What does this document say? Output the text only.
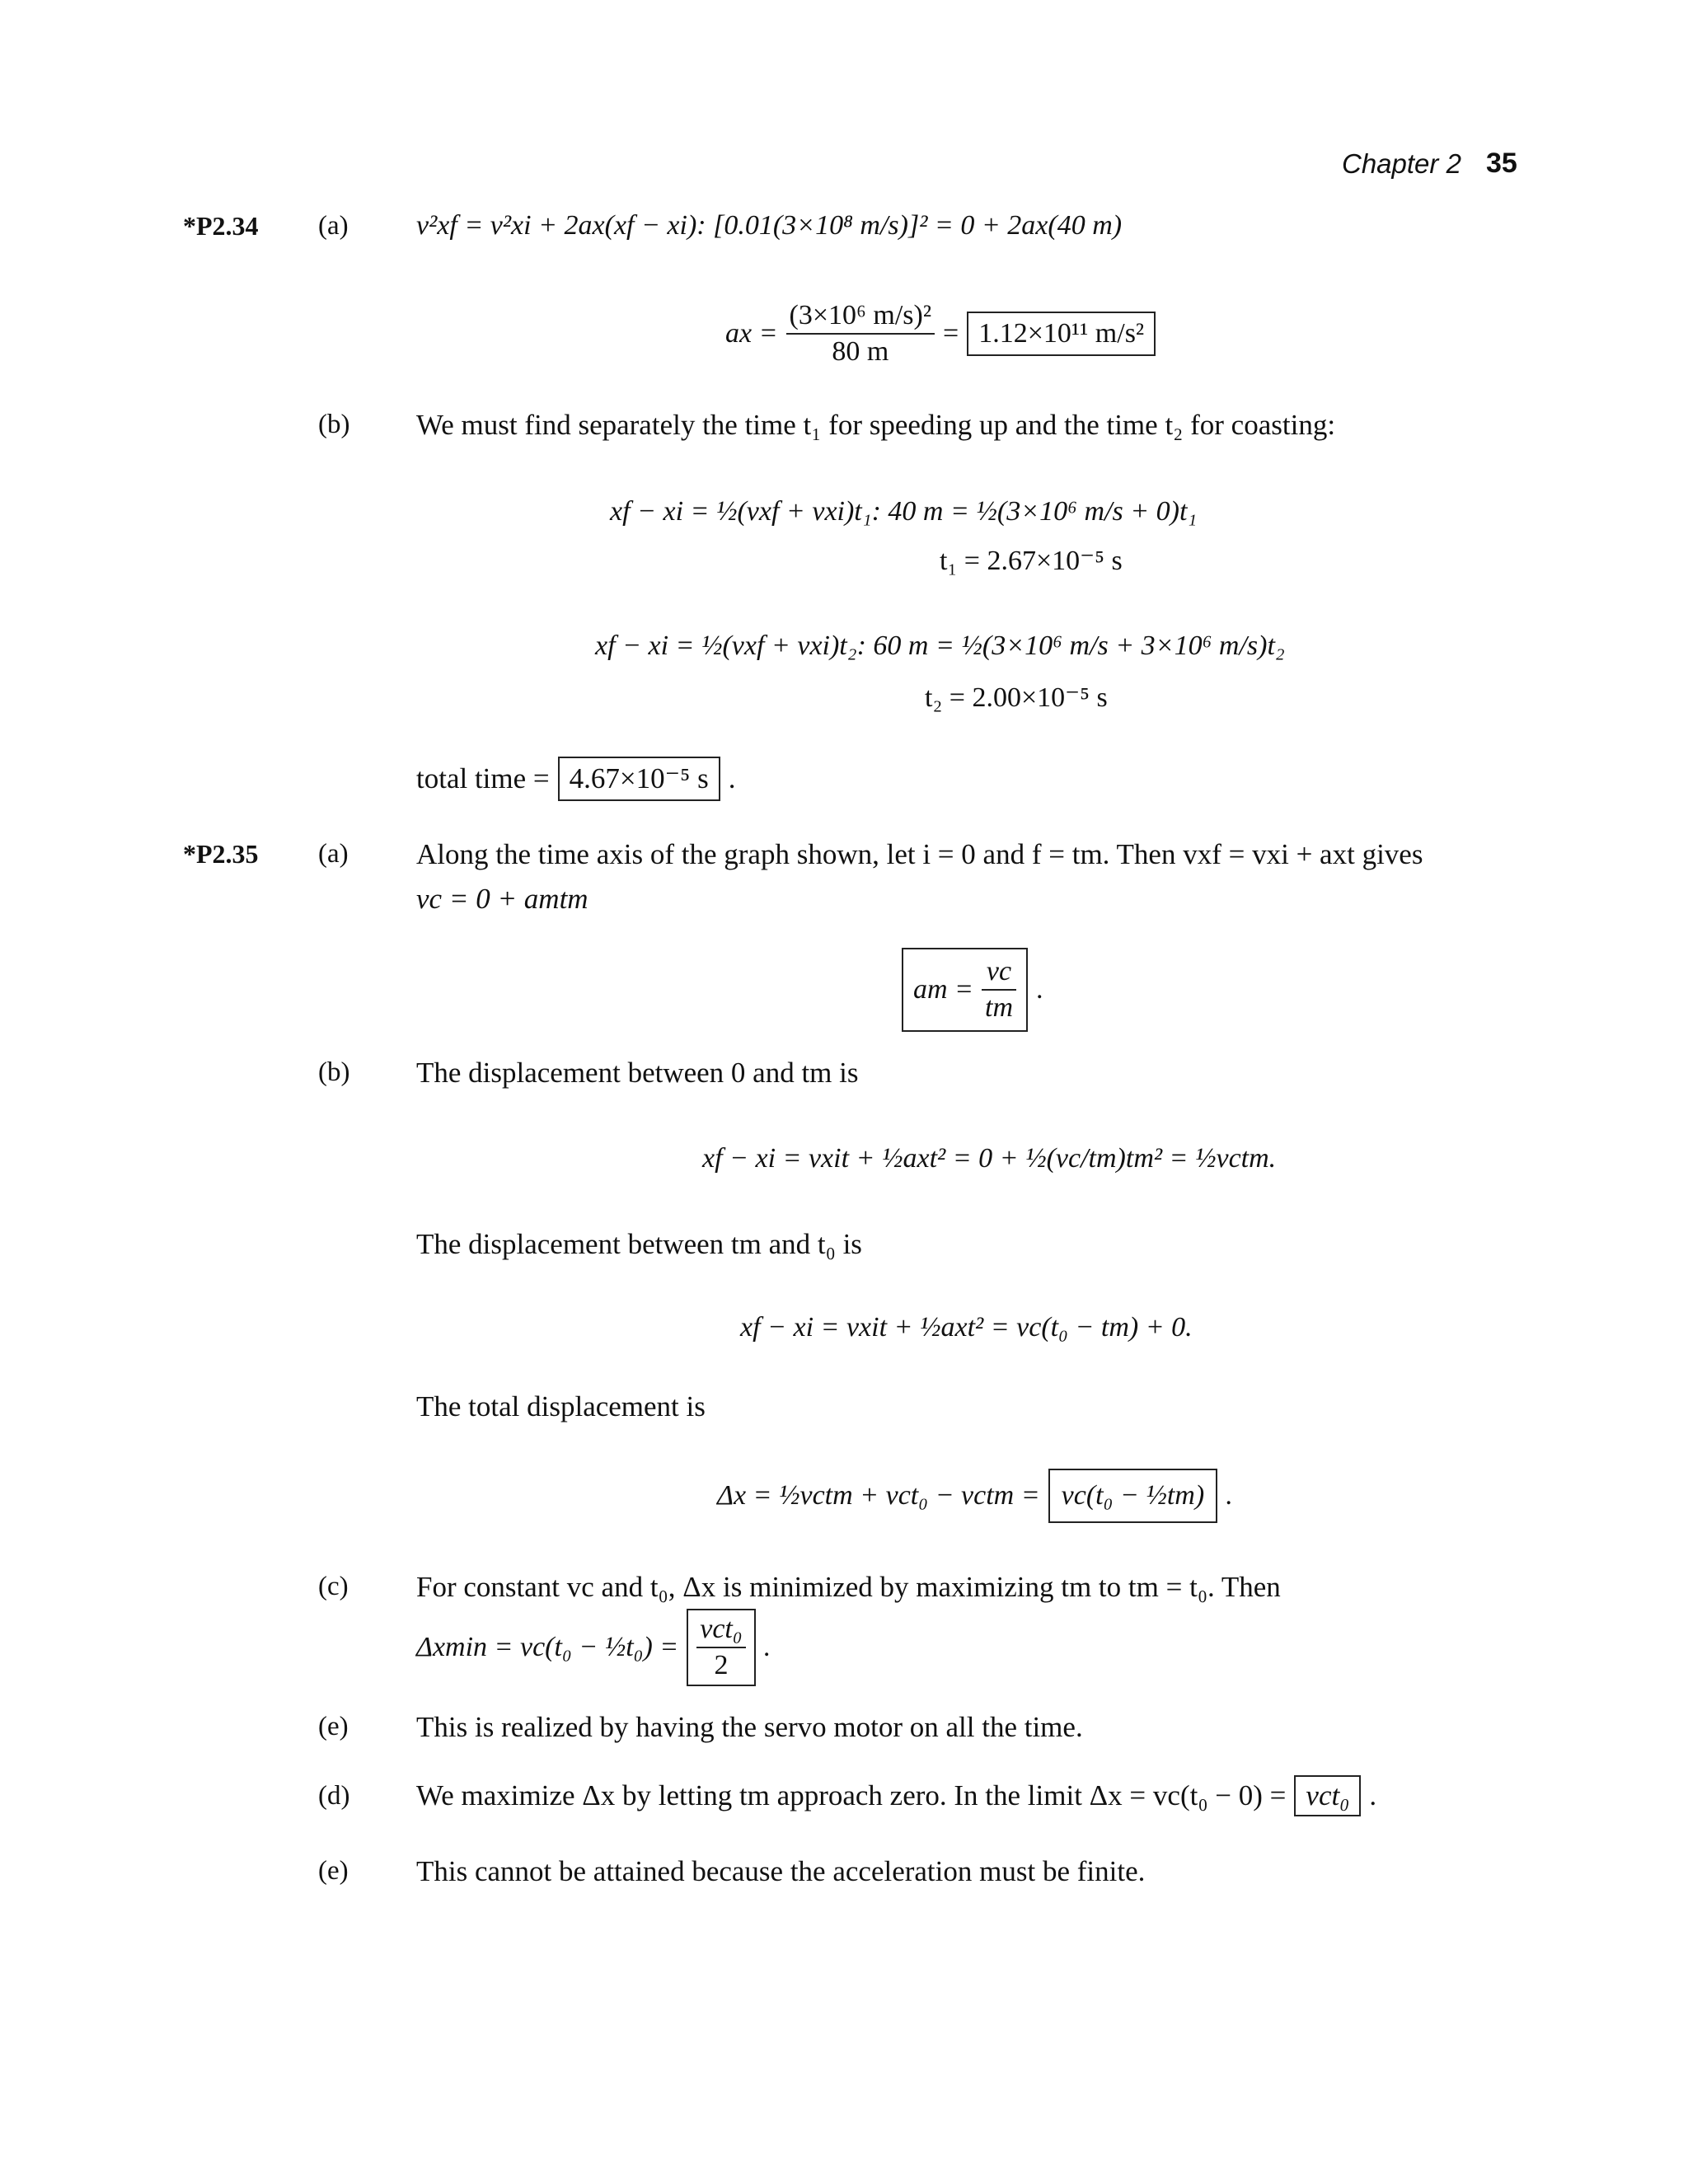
Chapter 2 35
*P2.34 (a) v²xf = v²xi + 2ax(xf − xi): [0.01(3×10⁸ m/s)]² = 0 + 2ax(40 m)
ax = $\frac{\text{(3×10⁶ m/s)²}}{80 m} = 1.12\times 10^{11}$ m/s²
(b) We must find separately the time t₁ for speeding up and the time t₂ for coasting:
xf − xi = ½(vxf + vxi)t₁: 40 m = ½(3×10⁶ m/s + 0)t₁
t₁ = 2.67×10⁻⁵ s
xf − xi = ½(vxf + vxi)t₂: 60 m = ½(3×10⁶ m/s + 3×10⁶ m/s)t₂
t₂ = 2.00×10⁻⁵ s
total time = 4.67×10⁻⁵ s .
*P2.35 (a) Along the time axis of the graph shown, let i = 0 and f = tm. Then vxf = vxi + axt gives
vc = 0 + amtm
am = $\frac{vc}{tm}$ .
(b) The displacement between 0 and tm is
xf − xi = vxit + ½axt² = 0 + ½(vc/tm)tm² = ½vctm.
The displacement between tm and t₀ is
xf − xi = vxit + ½axt² = vc(t₀ − tm) + 0.
The total displacement is
Δx = ½vctm + vct₀ − vctm = vc(t₀ − ½tm) .
(c) For constant vc and t₀, Δx is minimized by maximizing tm to tm = t₀. Then
Δxmin = vc(t₀ − ½t₀) = $\frac{\text{vct₀}}{2}$ .
(e) This is realized by having the servo motor on all the time.
(d) We maximize Δx by letting tm approach zero. In the limit Δx = vc(t₀ − 0) = vct₀ .
(e) This cannot be attained because the acceleration must be finite.
